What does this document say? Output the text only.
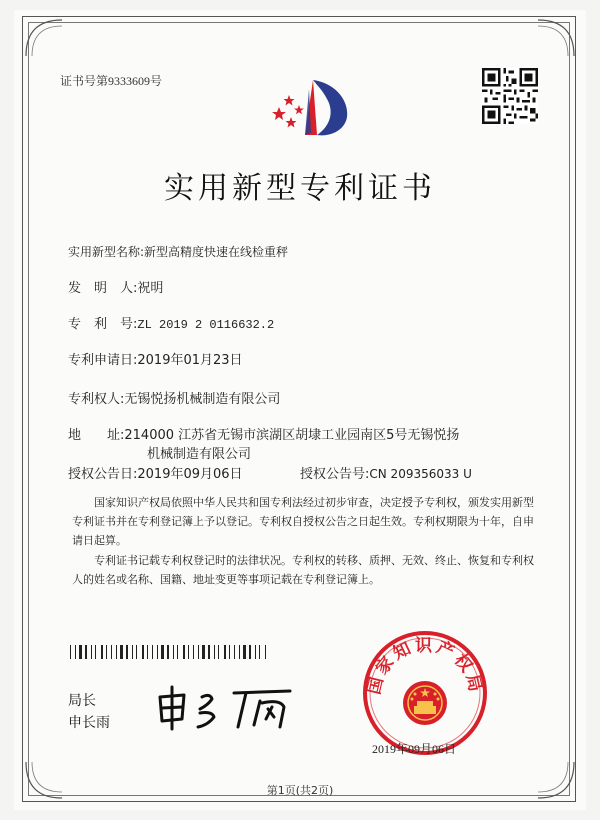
证书号第9333609号
实用新型专利证书
实用新型名称:新型高精度快速在线检重秤
发　明　人:祝明
专　利　号:ZL 2019 2 0116632.2
专利申请日:2019年01月23日
专利权人:无锡悦扬机械制造有限公司
地　　址:214000 江苏省无锡市滨湖区胡埭工业园南区5号无锡悦扬
机械制造有限公司
授权公告日:2019年09月06日	授权公告号:CN 209356033 U
国家知识产权局依照中华人民共和国专利法经过初步审查，决定授予专利权，颁发实用新型专利证书并在专利登记簿上予以登记。专利权自授权公告之日起生效。专利权期限为十年，自申请日起算。
专利证书记载专利权登记时的法律状况。专利权的转移、质押、无效、终止、恢复和专利权人的姓名或名称、国籍、地址变更等事项记载在专利登记簿上。
局长
申长雨
国家知识产权局
2019年09月06日
第1页(共2页)
